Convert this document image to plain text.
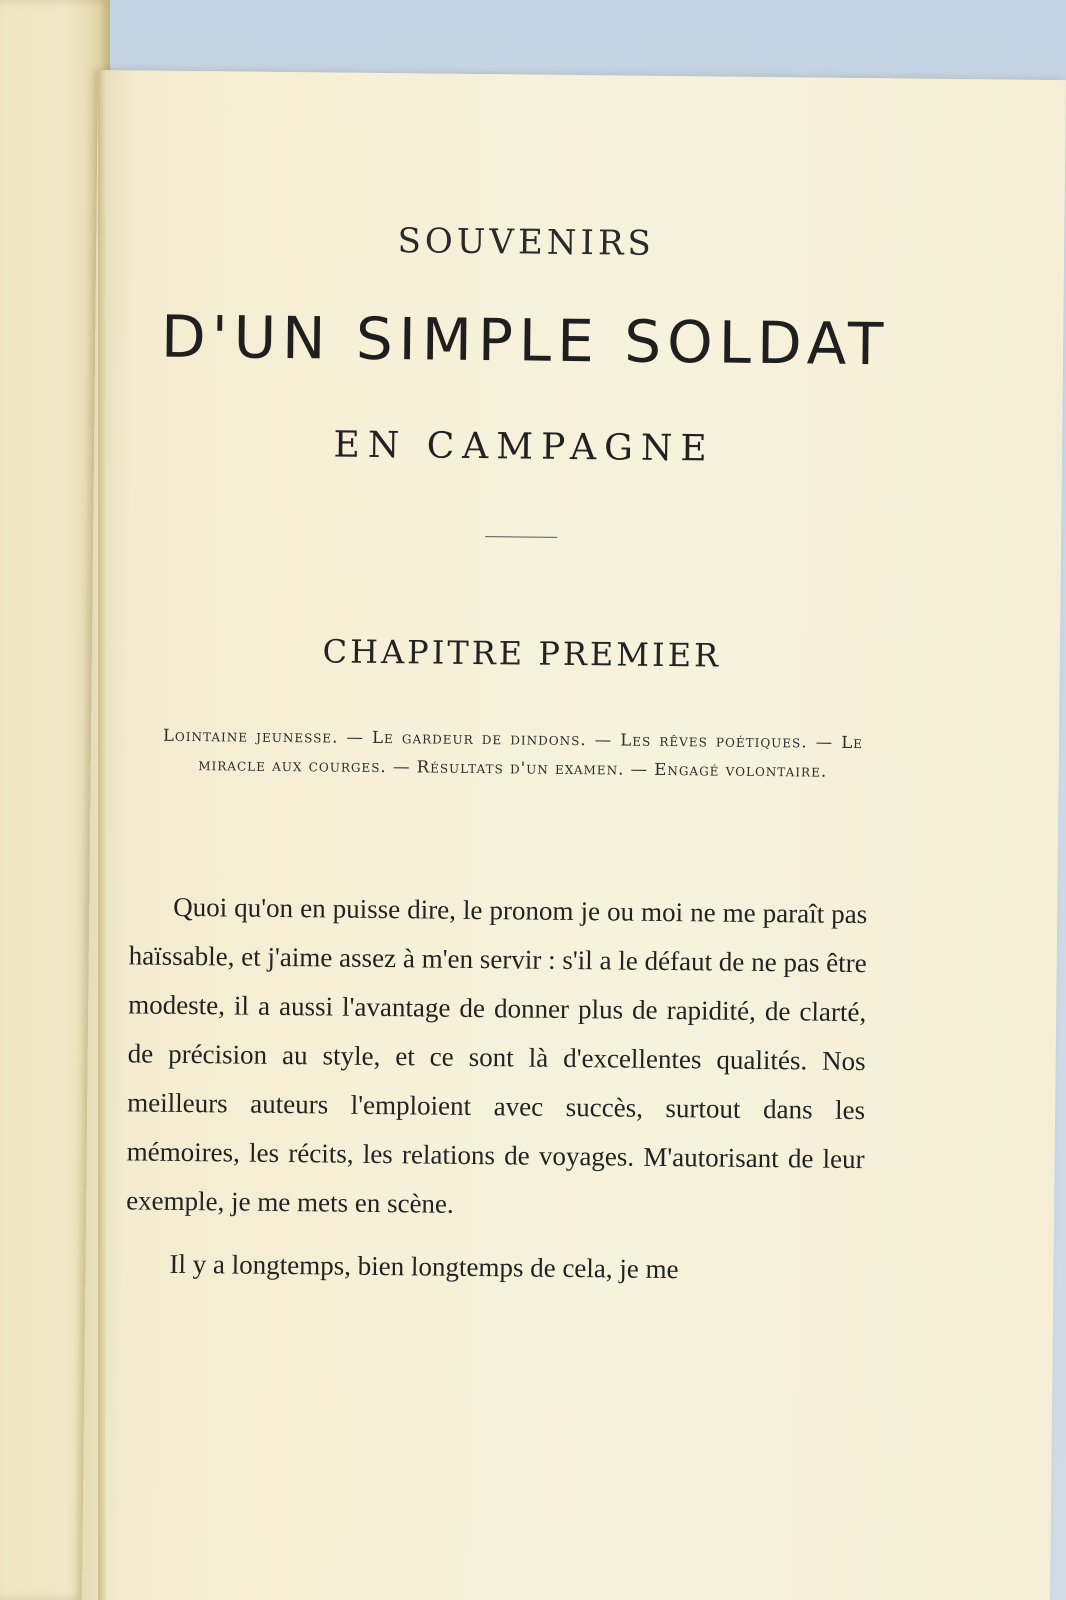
SOUVENIRS
D'UN SIMPLE SOLDAT
EN CAMPAGNE
CHAPITRE PREMIER
Lointaine jeunesse. — Le gardeur de dindons. — Les rêves poétiques. — Le miracle aux courges. — Résultats d'un examen. — Engagé volontaire.

Quoi qu'on en puisse dire, le pronom je ou moi ne me paraît pas haïssable, et j'aime assez à m'en servir : s'il a le défaut de ne pas être modeste, il a aussi l'avantage de donner plus de rapidité, de clarté, de précision au style, et ce sont là d'excellentes qualités. Nos meilleurs auteurs l'emploient avec succès, surtout dans les mémoires, les récits, les relations de voyages. M'autorisant de leur exemple, je me mets en scène.

Il y a longtemps, bien longtemps de cela, je me
